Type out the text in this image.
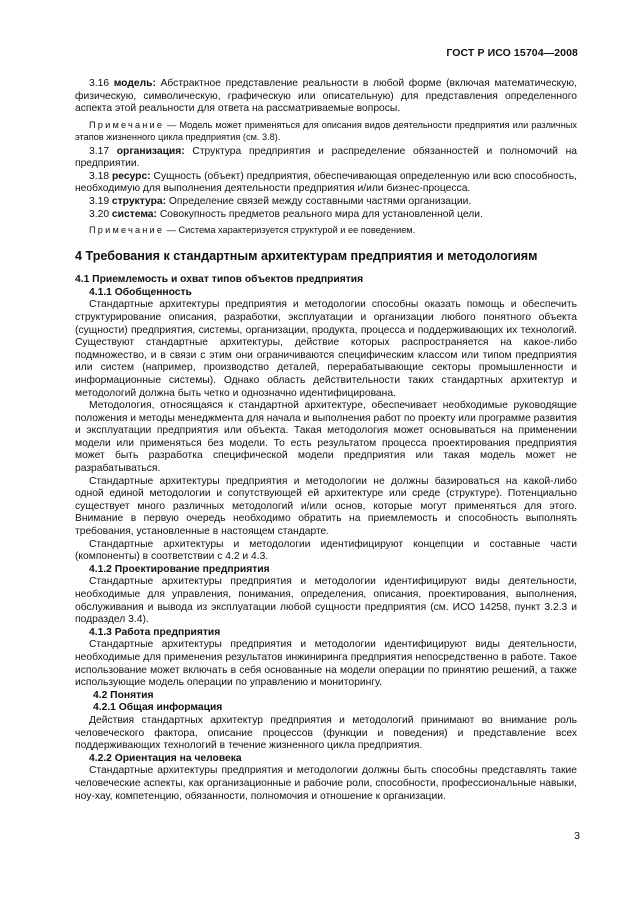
ГОСТ Р ИСО 15704—2008

3.16 модель: Абстрактное представление реальности в любой форме (включая математическую, физическую, символическую, графическую или описательную) для представления определенного аспекта этой реальности для ответа на рассматриваемые вопросы.

Примечание — Модель может применяться для описания видов деятельности предприятия или различных этапов жизненного цикла предприятия (см. 3.8).

3.17 организация: Структура предприятия и распределение обязанностей и полномочий на предприятии.

3.18 ресурс: Сущность (объект) предприятия, обеспечивающая определенную или всю способность, необходимую для выполнения деятельности предприятия и/или бизнес-процесса.

3.19 структура: Определение связей между составными частями организации.

3.20 система: Совокупность предметов реального мира для установленной цели.

Примечание — Система характеризуется структурой и ее поведением.

4 Требования к стандартным архитектурам предприятия и методологиям

4.1 Приемлемость и охват типов объектов предприятия

4.1.1 Обобщенность

Стандартные архитектуры предприятия и методологии способны оказать помощь и обеспечить структурирование описания, разработки, эксплуатации и организации любого понятного объекта (сущности) предприятия, системы, организации, продукта, процесса и поддерживающих их технологий. Существуют стандартные архитектуры, действие которых распространяется на какое-либо подмножество, и в связи с этим они ограничиваются специфическим классом или типом предприятия или систем (например, производство деталей, перерабатывающие секторы промышленности и информационные системы). Однако область действительности таких стандартных архитектур и методологий должна быть четко и однозначно идентифицирована.

Методология, относящаяся к стандартной архитектуре, обеспечивает необходимые руководящие положения и методы менеджмента для начала и выполнения работ по проекту или программе развития и эксплуатации предприятия или объекта. Такая методология может основываться на применении модели или применяться без модели. То есть результатом процесса проектирования предприятия может быть разработка специфической модели предприятия или такая модель может не разрабатываться.

Стандартные архитектуры предприятия и методологии не должны базироваться на какой-либо одной единой методологии и сопутствующей ей архитектуре или среде (структуре). Потенциально существует много различных методологий и/или основ, которые могут применяться для этого. Внимание в первую очередь необходимо обратить на приемлемость и способность выполнять требования, установленные в настоящем стандарте.

Стандартные архитектуры и методологии идентифицируют концепции и составные части (компоненты) в соответствии с 4.2 и 4.3.

4.1.2 Проектирование предприятия

Стандартные архитектуры предприятия и методологии идентифицируют виды деятельности, необходимые для управления, понимания, определения, описания, проектирования, выполнения, обслуживания и вывода из эксплуатации любой сущности предприятия (см. ИСО 14258, пункт 3.2.3 и подраздел 3.4).

4.1.3 Работа предприятия

Стандартные архитектуры предприятия и методологии идентифицируют виды деятельности, необходимые для применения результатов инжиниринга предприятия непосредственно в работе. Такое использование может включать в себя основанные на модели операции по принятию решений, а также использующие модель операции по управлению и мониторингу.

4.2 Понятия

4.2.1 Общая информация

Действия стандартных архитектур предприятия и методологий принимают во внимание роль человеческого фактора, описание процессов (функции и поведения) и представление всех поддерживающих технологий в течение жизненного цикла предприятия.

4.2.2 Ориентация на человека

Стандартные архитектуры предприятия и методологии должны быть способны представлять такие человеческие аспекты, как организационные и рабочие роли, способности, профессиональные навыки, ноу-хау, компетенцию, обязанности, полномочия и отношение к организации.

3
